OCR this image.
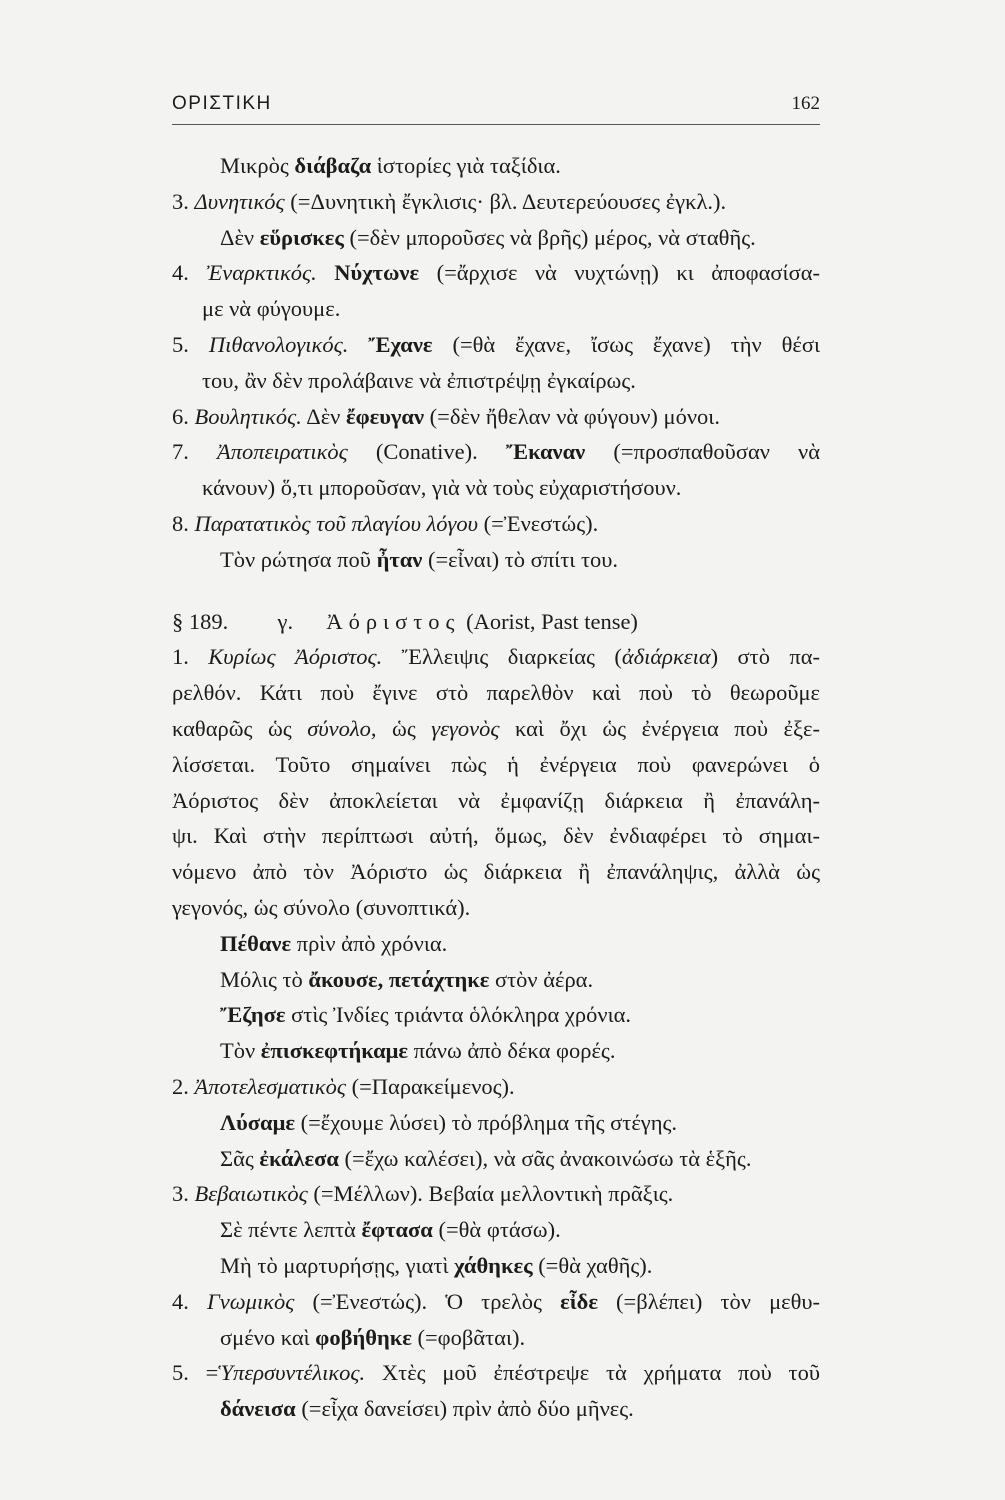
ΟΡΙΣΤΙΚΗ	162
Μικρὸς διάβαζα ἱστορίες γιὰ ταξίδια.
3. Δυνητικός (=Δυνητικὴ ἔγκλισις· βλ. Δευτερεύουσες ἐγκλ.).
Δὲν εὕρισκες (=δὲν μποροῦσες νὰ βρῆς) μέρος, νὰ σταθῆς.
4. Ἐναρκτικός. Νύχτωνε (=ἄρχισε νὰ νυχτώνῃ) κι ἀποφασίσα-
με νὰ φύγουμε.
5. Πιθανολογικός. Ἔχανε (=θὰ ἔχανε, ἴσως ἔχανε) τὴν θέσι
του, ἂν δὲν προλάβαινε νὰ ἐπιστρέψῃ ἐγκαίρως.
6. Βουλητικός. Δὲν ἔφευγαν (=δὲν ἤθελαν νὰ φύγουν) μόνοι.
7. Ἀποπειρατικὸς (Conative). Ἔκαναν (=προσπαθοῦσαν νὰ
κάνουν) ὅ,τι μποροῦσαν, γιὰ νὰ τοὺς εὐχαριστήσουν.
8. Παρατατικὸς τοῦ πλαγίου λόγου (=Ἐνεστώς).
Τὸν ρώτησα ποῦ ἦταν (=εἶναι) τὸ σπίτι του.
§ 189. γ. Ἀόριστος (Aorist, Past tense)
1. Κυρίως Ἀόριστος. Ἔλλειψις διαρκείας (ἀδιάρκεια) στὸ πα-
ρελθόν. Κάτι ποὺ ἔγινε στὸ παρελθὸν καὶ ποὺ τὸ θεωροῦμε
καθαρῶς ὡς σύνολο, ὡς γεγονὸς καὶ ὄχι ὡς ἐνέργεια ποὺ ἐξε-
λίσσεται. Τοῦτο σημαίνει πὼς ἡ ἐνέργεια ποὺ φανερώνει ὁ
Ἀόριστος δὲν ἀποκλείεται νὰ ἐμφανίζῃ διάρκεια ἢ ἐπανάλη-
ψι. Καὶ στὴν περίπτωσι αὐτή, ὅμως, δὲν ἐνδιαφέρει τὸ σημαι-
νόμενο ἀπὸ τὸν Ἀόριστο ὡς διάρκεια ἢ ἐπανάληψις, ἀλλὰ ὡς
γεγονός, ὡς σύνολο (συνοπτικά).
Πέθανε πρὶν ἀπὸ χρόνια.
Μόλις τὸ ἄκουσε, πετάχτηκε στὸν ἀέρα.
Ἔζησε στὶς Ἰνδίες τριάντα ὁλόκληρα χρόνια.
Τὸν ἐπισκεφτήκαμε πάνω ἀπὸ δέκα φορές.
2. Ἀποτελεσματικὸς (=Παρακείμενος).
Λύσαμε (=ἔχουμε λύσει) τὸ πρόβλημα τῆς στέγης.
Σᾶς ἐκάλεσα (=ἔχω καλέσει), νὰ σᾶς ἀνακοινώσω τὰ ἑξῆς.
3. Βεβαιωτικὸς (=Μέλλων). Βεβαία μελλοντικὴ πρᾶξις.
Σὲ πέντε λεπτὰ ἔφτασα (=θὰ φτάσω).
Μὴ τὸ μαρτυρήσῃς, γιατὶ χάθηκες (=θὰ χαθῆς).
4. Γνωμικὸς (=Ἐνεστώς). Ὁ τρελὸς εἶδε (=βλέπει) τὸν μεθυ-
σμένο καὶ φοβήθηκε (=φοβᾶται).
5. =Ὑπερσυντέλικος. Χτὲς μοῦ ἐπέστρεψε τὰ χρήματα ποὺ τοῦ
δάνεισα (=εἶχα δανείσει) πρὶν ἀπὸ δύο μῆνες.
